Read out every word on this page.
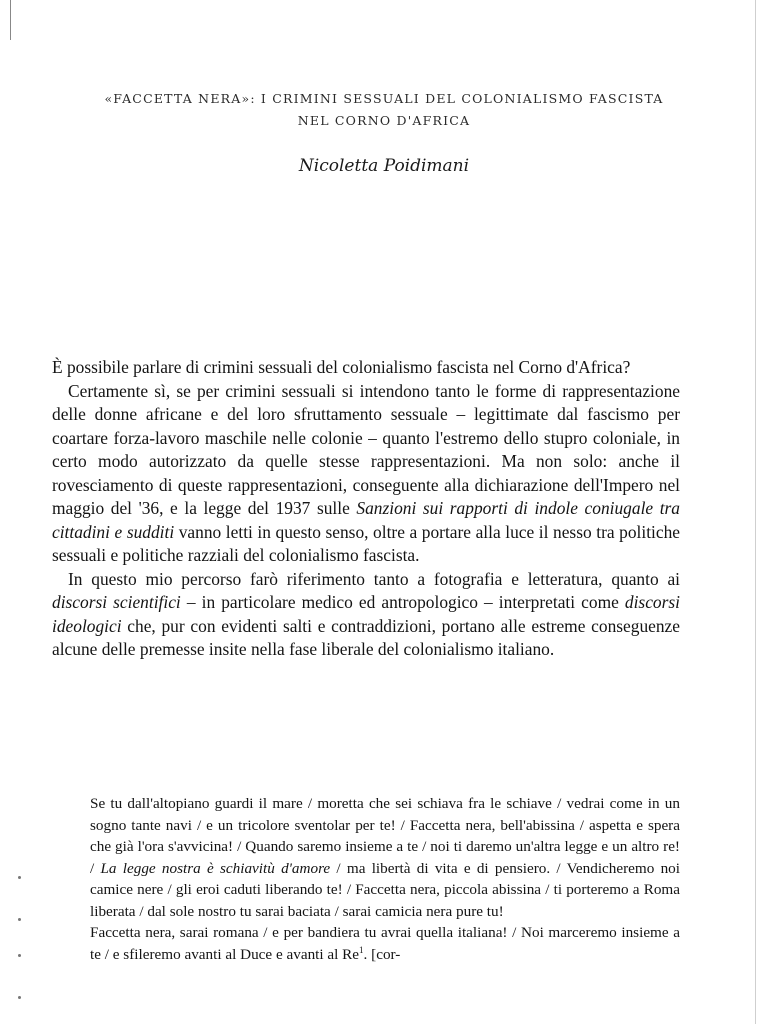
«FACCETTA NERA»: I CRIMINI SESSUALI DEL COLONIALISMO FASCISTA
NEL CORNO D'AFRICA
Nicoletta Poidimani

È possibile parlare di crimini sessuali del colonialismo fascista nel Corno d'Africa?

Certamente sì, se per crimini sessuali si intendono tanto le forme di rappresentazione delle donne africane e del loro sfruttamento sessuale – legittimate dal fascismo per coartare forza-lavoro maschile nelle colonie – quanto l'estremo dello stupro coloniale, in certo modo autorizzato da quelle stesse rappresentazioni. Ma non solo: anche il rovesciamento di queste rappresentazioni, conseguente alla dichiarazione dell'Impero nel maggio del '36, e la legge del 1937 sulle Sanzioni sui rapporti di indole coniugale tra cittadini e sudditi vanno letti in questo senso, oltre a portare alla luce il nesso tra politiche sessuali e politiche razziali del colonialismo fascista.

In questo mio percorso farò riferimento tanto a fotografia e letteratura, quanto ai discorsi scientifici – in particolare medico ed antropologico – interpretati come discorsi ideologici che, pur con evidenti salti e contraddizioni, portano alle estreme conseguenze alcune delle premesse insite nella fase liberale del colonialismo italiano.

Se tu dall'altopiano guardi il mare / moretta che sei schiava fra le schiave / vedrai come in un sogno tante navi / e un tricolore sventolar per te! / Faccetta nera, bell'abissina / aspetta e spera che già l'ora s'avvicina! / Quando saremo insieme a te / noi ti daremo un'altra legge e un altro re! / La legge nostra è schiavitù d'amore / ma libertà di vita e di pensiero. / Vendicheremo noi camice nere / gli eroi caduti liberando te! / Faccetta nera, piccola abissina / ti porteremo a Roma liberata / dal sole nostro tu sarai baciata / sarai camicia nera pure tu!

Faccetta nera, sarai romana / e per bandiera tu avrai quella italiana! / Noi marceremo insieme a te / e sfileremo avanti al Duce e avanti al Re$^1$. [cor-
